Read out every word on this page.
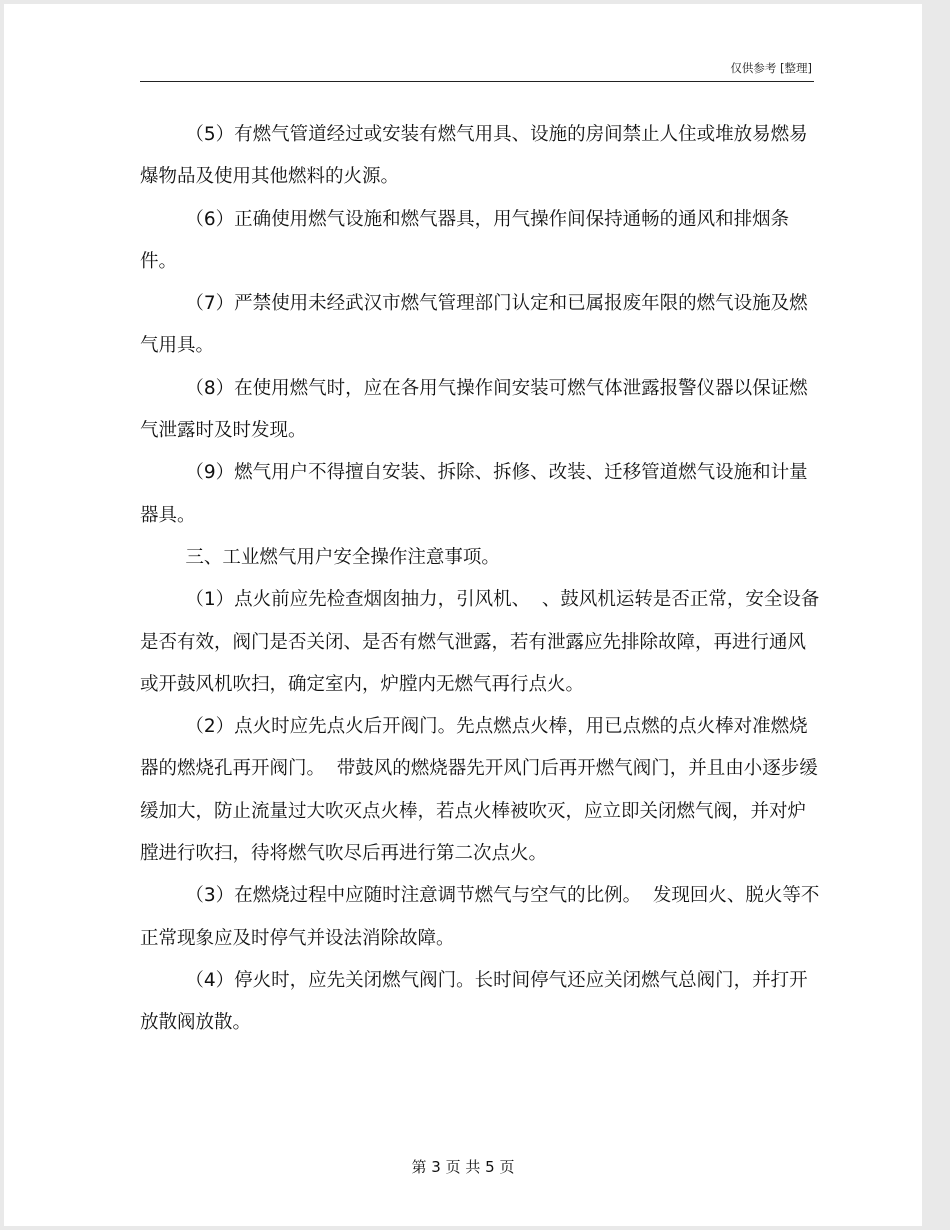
仅供参考 [整理]

（5）有燃气管道经过或安装有燃气用具、设施的房间禁止人住或堆放易燃易爆物品及使用其他燃料的火源。

（6）正确使用燃气设施和燃气器具，用气操作间保持通畅的通风和排烟条件。

（7）严禁使用未经武汉市燃气管理部门认定和已属报废年限的燃气设施及燃气用具。

（8）在使用燃气时，应在各用气操作间安装可燃气体泄露报警仪器以保证燃气泄露时及时发现。

（9）燃气用户不得擅自安装、拆除、拆修、改装、迁移管道燃气设施和计量器具。

三、工业燃气用户安全操作注意事项。

（1）点火前应先检查烟囱抽力，引风机、  、鼓风机运转是否正常，安全设备是否有效，阀门是否关闭、是否有燃气泄露，若有泄露应先排除故障，再进行通风或开鼓风机吹扫，确定室内，炉膛内无燃气再行点火。

（2）点火时应先点火后开阀门。先点燃点火棒，用已点燃的点火棒对准燃烧器的燃烧孔再开阀门。  带鼓风的燃烧器先开风门后再开燃气阀门，并且由小逐步缓缓加大，防止流量过大吹灭点火棒，若点火棒被吹灭，应立即关闭燃气阀，并对炉膛进行吹扫，待将燃气吹尽后再进行第二次点火。

（3）在燃烧过程中应随时注意调节燃气与空气的比例。  发现回火、脱火等不正常现象应及时停气并设法消除故障。

（4）停火时，应先关闭燃气阀门。长时间停气还应关闭燃气总阀门，并打开放散阀放散。

第 3 页 共 5 页
